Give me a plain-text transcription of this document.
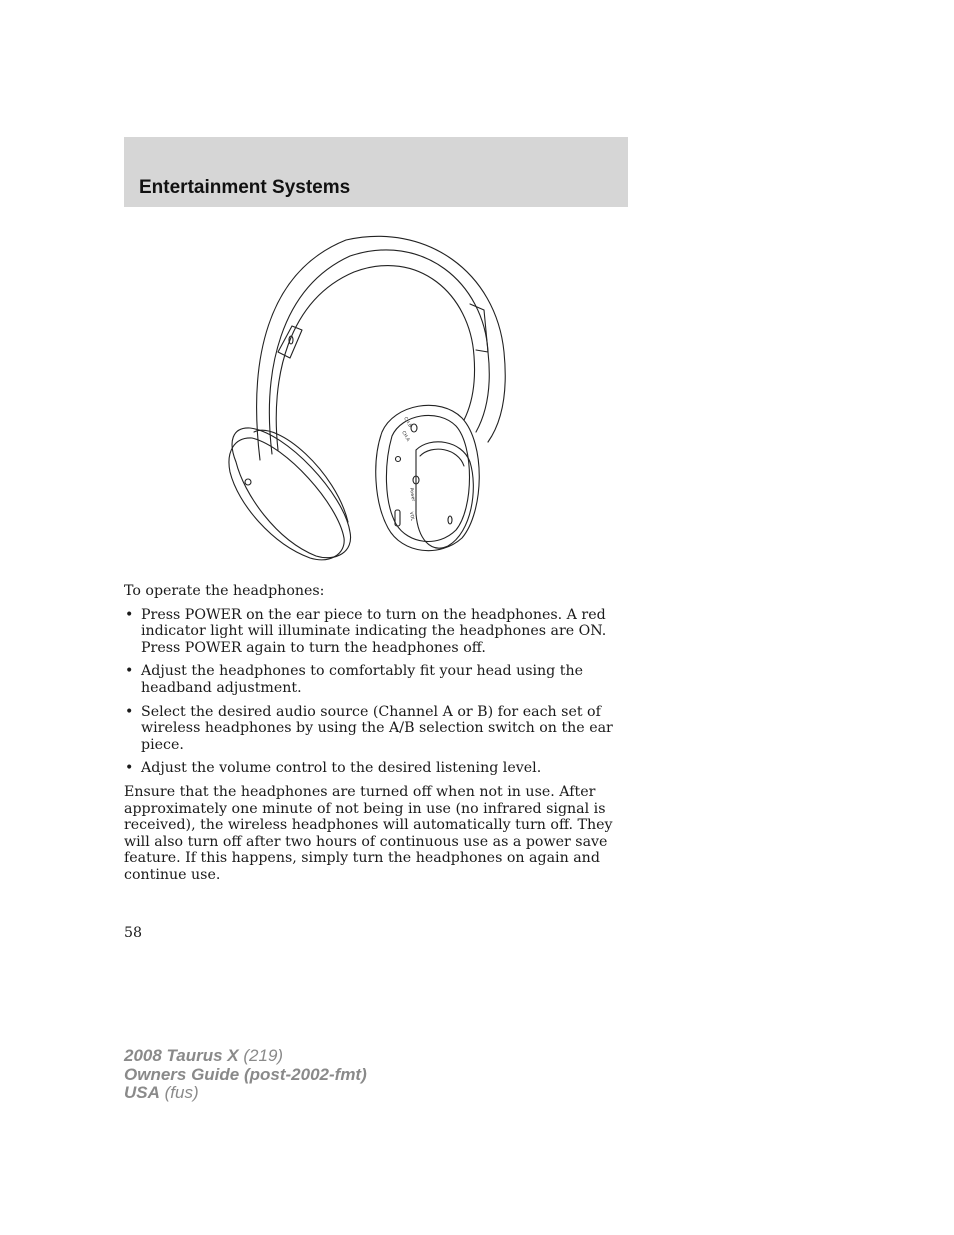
Entertainment Systems
CH.B
CH.A
Power
VOL

To operate the headphones:

• Press POWER on the ear piece to turn on the headphones. A red indicator light will illuminate indicating the headphones are ON. Press POWER again to turn the headphones off.
• Adjust the headphones to comfortably fit your head using the headband adjustment.
• Select the desired audio source (Channel A or B) for each set of wireless headphones by using the A/B selection switch on the ear piece.
• Adjust the volume control to the desired listening level.

Ensure that the headphones are turned off when not in use. After approximately one minute of not being in use (no infrared signal is received), the wireless headphones will automatically turn off. They will also turn off after two hours of continuous use as a power save feature. If this happens, simply turn the headphones on again and continue use.

58
2008 Taurus X (219)
Owners Guide (post-2002-fmt)
USA (fus)
